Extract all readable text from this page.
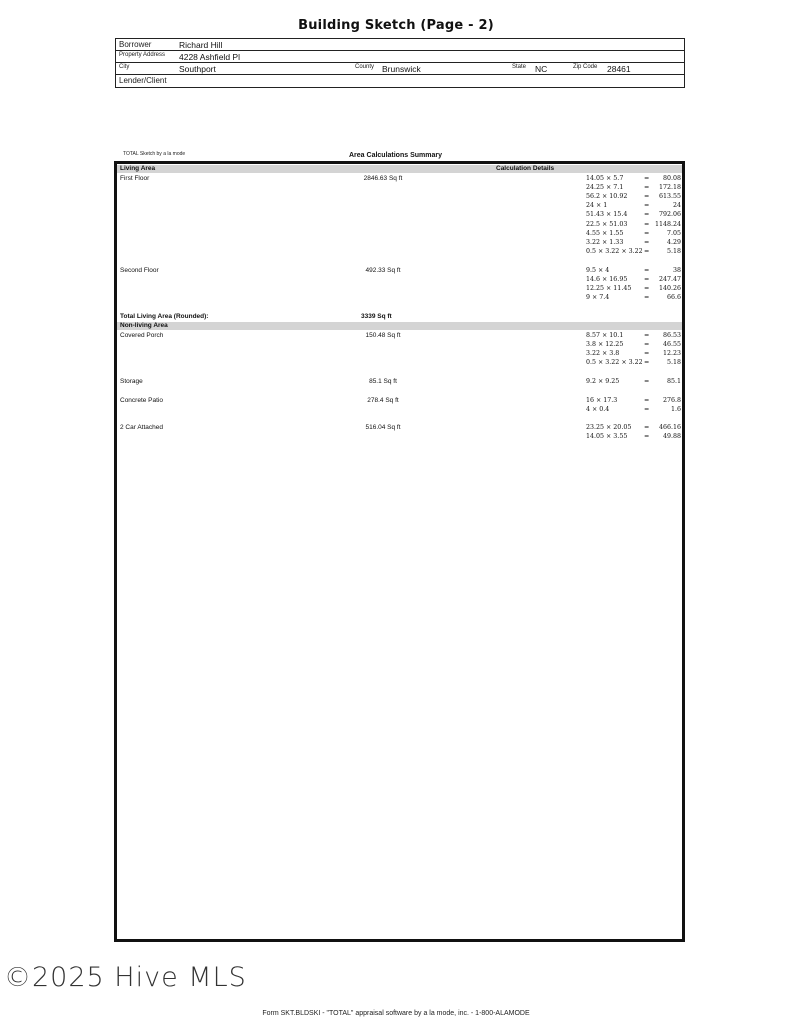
Building Sketch (Page - 2)
Borrower	Richard Hill
Property Address 4228 Ashfield Pl
City	Southport	County Brunswick	State NC	Zip Code 28461
Lender/Client
TOTAL Sketch by a la mode	Area Calculations Summary
Living Area	Calculation Details
First Floor	2846.63 Sq ft	14.05 × 5.7	= 80.08
24.25 × 7.1	= 172.18
56.2 × 10.92	= 613.55
24 × 1	=	24
51.43 × 15.4	= 792.06
22.5 × 51.03	= 1148.24
4.55 × 1.55	=	7.05
3.22 × 1.33	=	4.29
0.5 × 3.22 × 3.22 =	5.18
Second Floor	492.33 Sq ft	9.5 × 4	=	38
14.6 × 16.95	= 247.47
12.25 × 11.45 = 140.26
9 × 7.4	=	66.6
Total Living Area (Rounded):	3339 Sq ft
Non-living Area
Covered Porch	150.48 Sq ft	8.57 × 10.1	= 86.53
3.8 × 12.25	= 46.55
3.22 × 3.8	= 12.23
0.5 × 3.22 × 3.22 =	5.18
Storage	85.1 Sq ft	9.2 × 9.25	=	85.1
Concrete Patio	278.4 Sq ft	16 × 17.3	= 276.8
4 × 0.4	=	1.6
2 Car Attached	516.04 Sq ft	23.25 × 20.05 = 466.16
14.05 × 3.55	= 49.88
©2025 Hive MLS
Form SKT.BLDSKI - "TOTAL" appraisal software by a la mode, inc. - 1-800-ALAMODE
